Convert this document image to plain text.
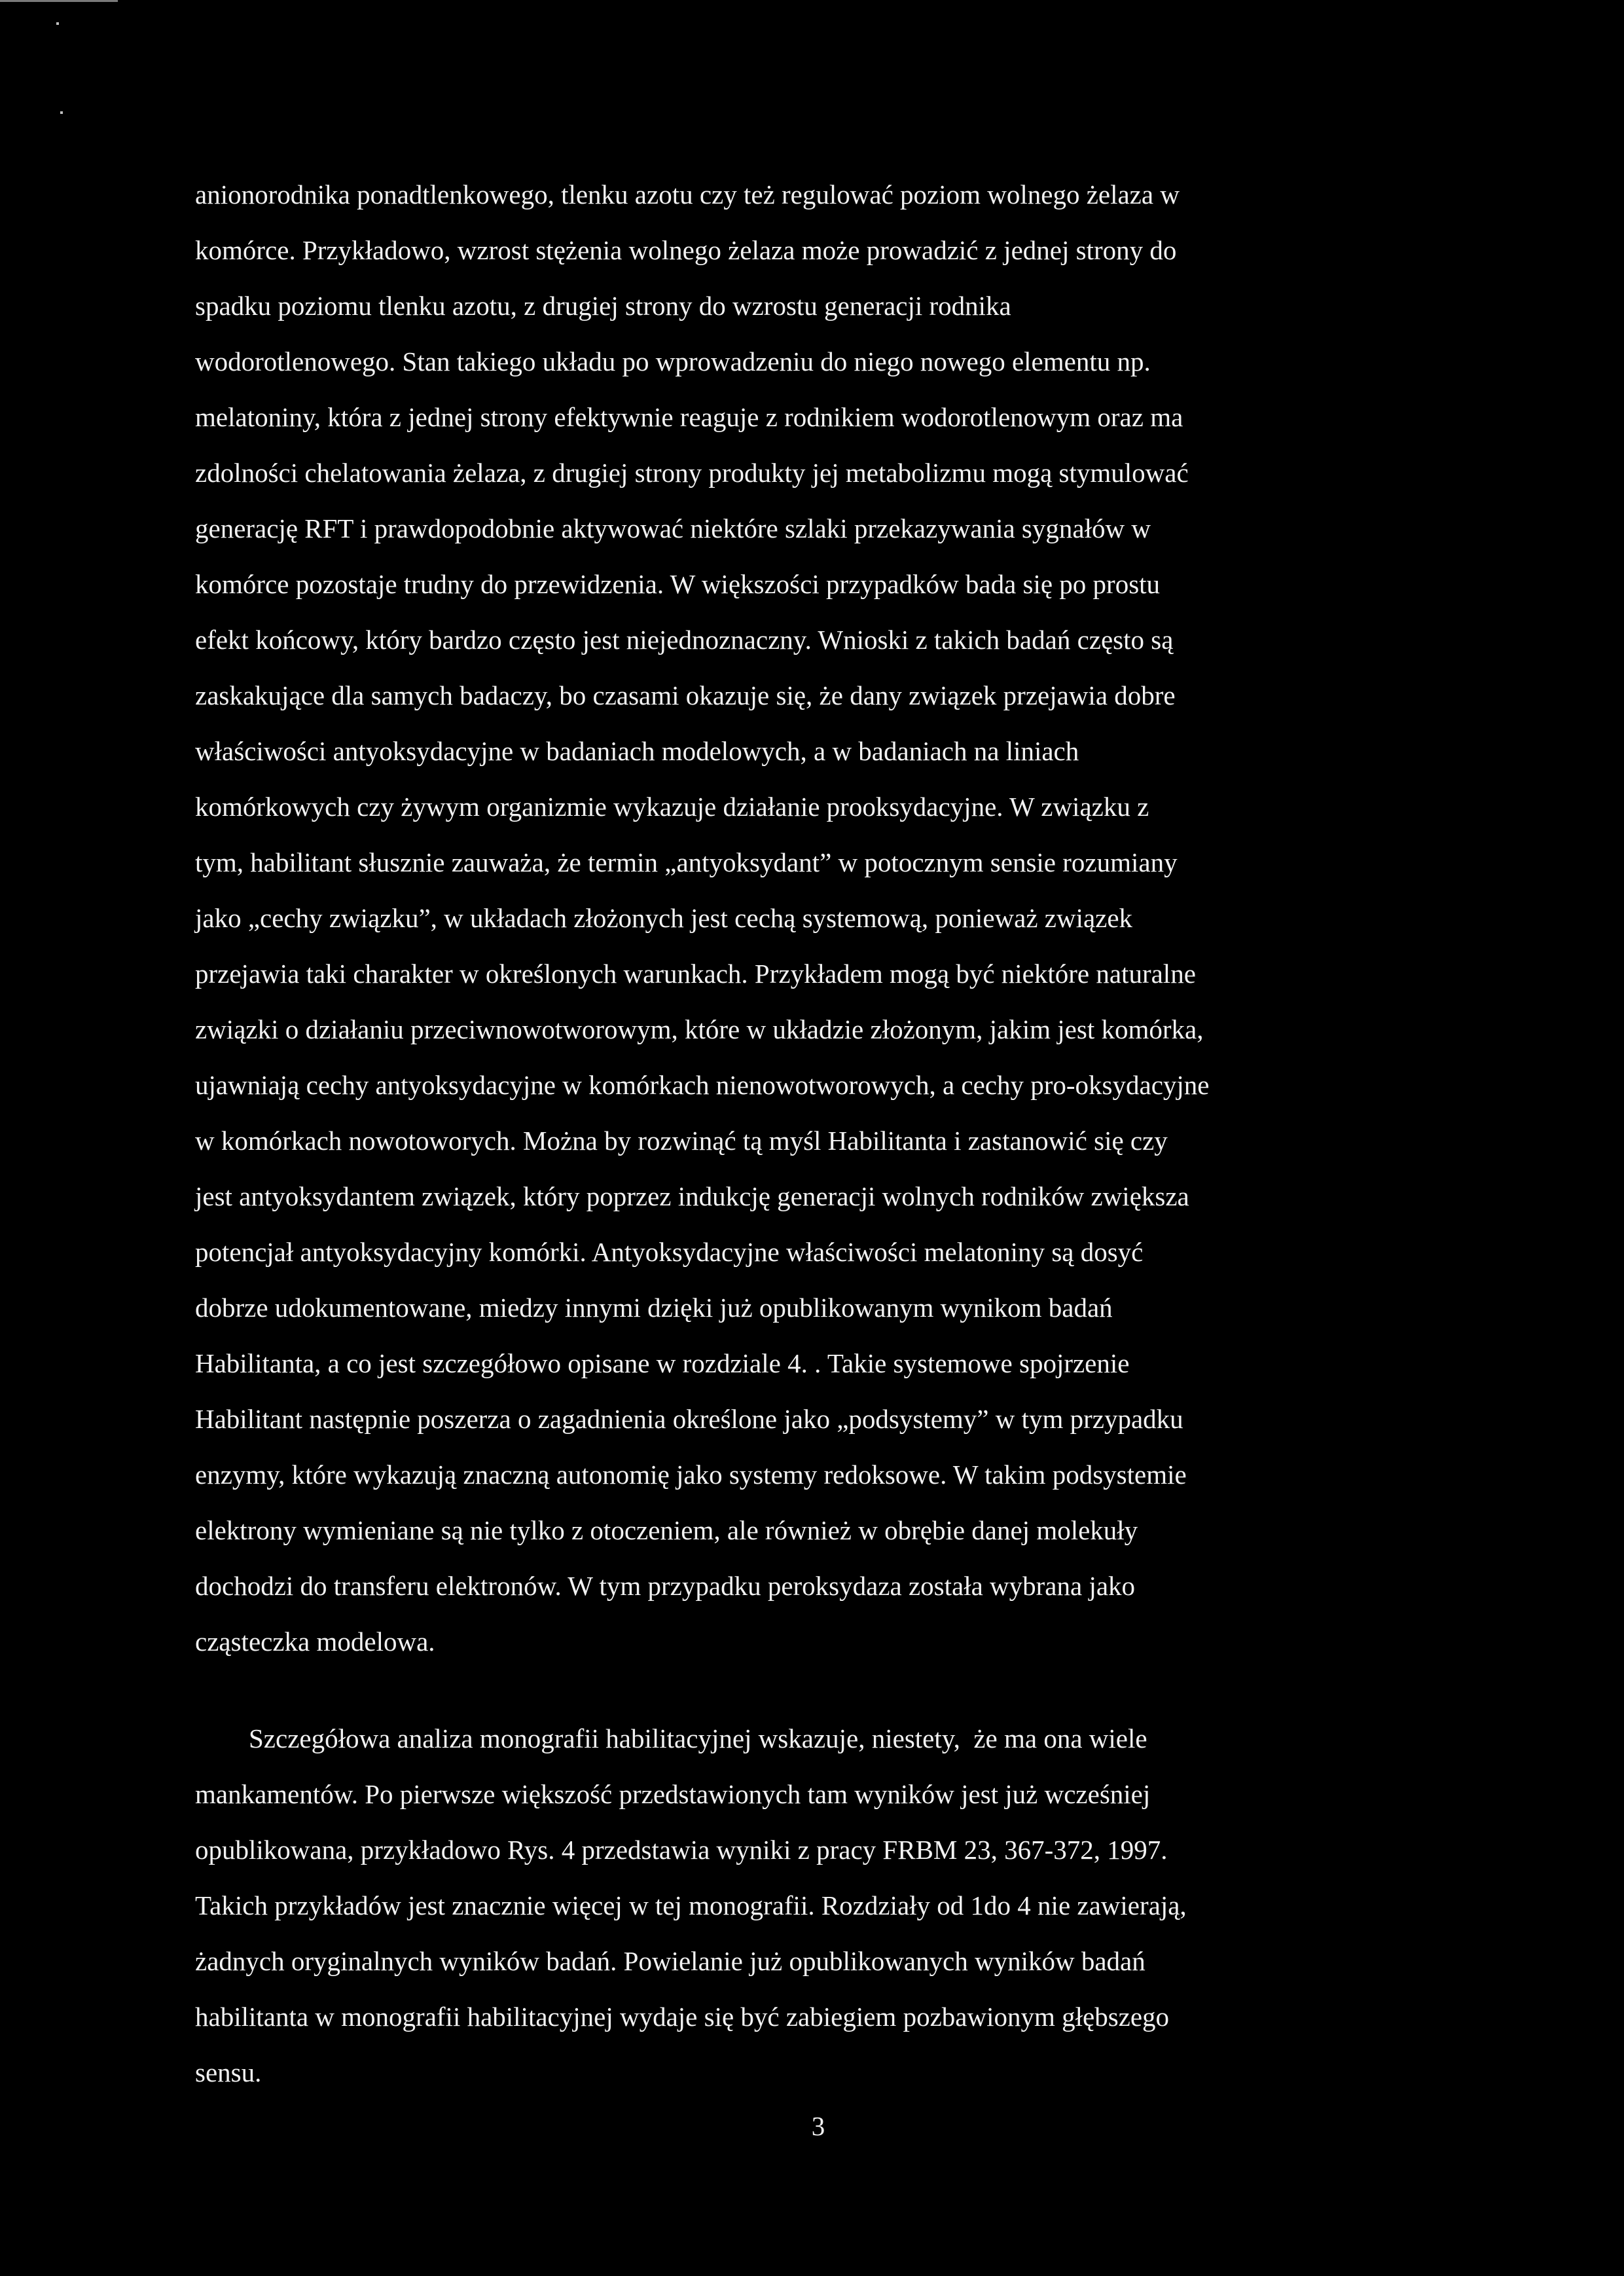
anionorodnika ponadtlenkowego, tlenku azotu czy też regulować poziom wolnego żelaza w
komórce. Przykładowo, wzrost stężenia wolnego żelaza może prowadzić z jednej strony do
spadku poziomu tlenku azotu, z drugiej strony do wzrostu generacji rodnika
wodorotlenowego. Stan takiego układu po wprowadzeniu do niego nowego elementu np.
melatoniny, która z jednej strony efektywnie reaguje z rodnikiem wodorotlenowym oraz ma
zdolności chelatowania żelaza, z drugiej strony produkty jej metabolizmu mogą stymulować
generację RFT i prawdopodobnie aktywować niektóre szlaki przekazywania sygnałów w
komórce pozostaje trudny do przewidzenia. W większości przypadków bada się po prostu
efekt końcowy, który bardzo często jest niejednoznaczny. Wnioski z takich badań często są
zaskakujące dla samych badaczy, bo czasami okazuje się, że dany związek przejawia dobre
właściwości antyoksydacyjne w badaniach modelowych, a w badaniach na liniach
komórkowych czy żywym organizmie wykazuje działanie prooksydacyjne. W związku z
tym, habilitant słusznie zauważa, że termin „antyoksydant” w potocznym sensie rozumiany
jako „cechy związku”, w układach złożonych jest cechą systemową, ponieważ związek
przejawia taki charakter w określonych warunkach. Przykładem mogą być niektóre naturalne
związki o działaniu przeciwnowotworowym, które w układzie złożonym, jakim jest komórka,
ujawniają cechy antyoksydacyjne w komórkach nienowotworowych, a cechy pro-oksydacyjne
w komórkach nowotoworych. Można by rozwinąć tą myśl Habilitanta i zastanowić się czy
jest antyoksydantem związek, który poprzez indukcję generacji wolnych rodników zwiększa
potencjał antyoksydacyjny komórki. Antyoksydacyjne właściwości melatoniny są dosyć
dobrze udokumentowane, miedzy innymi dzięki już opublikowanym wynikom badań
Habilitanta, a co jest szczegółowo opisane w rozdziale 4. . Takie systemowe spojrzenie
Habilitant następnie poszerza o zagadnienia określone jako „podsystemy” w tym przypadku
enzymy, które wykazują znaczną autonomię jako systemy redoksowe. W takim podsystemie
elektrony wymieniane są nie tylko z otoczeniem, ale również w obrębie danej molekuły
dochodzi do transferu elektronów. W tym przypadku peroksydaza została wybrana jako
cząsteczka modelowa.
Szczegółowa analiza monografii habilitacyjnej wskazuje, niestety,  że ma ona wiele
mankamentów. Po pierwsze większość przedstawionych tam wyników jest już wcześniej
opublikowana, przykładowo Rys. 4 przedstawia wyniki z pracy FRBM 23, 367-372, 1997.
Takich przykładów jest znacznie więcej w tej monografii. Rozdziały od 1do 4 nie zawierają,
żadnych oryginalnych wyników badań. Powielanie już opublikowanych wyników badań
habilitanta w monografii habilitacyjnej wydaje się być zabiegiem pozbawionym głębszego
sensu.
3
